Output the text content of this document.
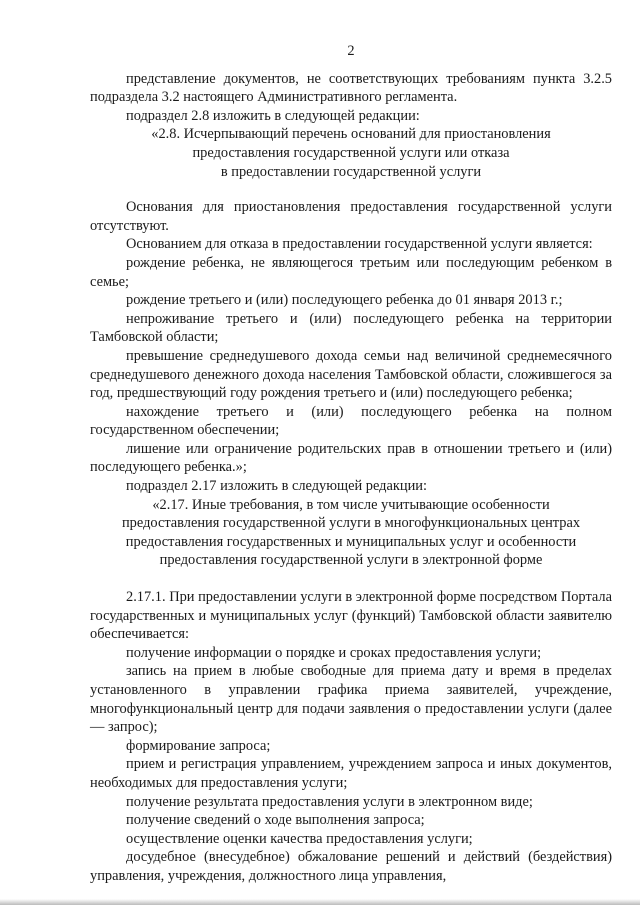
2

представление документов, не соответствующих требованиям пункта 3.2.5 подраздела 3.2 настоящего Административного регламента.

подраздел 2.8 изложить в следующей редакции:

«2.8. Исчерпывающий перечень оснований для приостановления
предоставления государственной услуги или отказа
в предоставлении государственной услуги

Основания для приостановления предоставления государственной услуги отсутствуют.

Основанием для отказа в предоставлении государственной услуги является:

рождение ребенка, не являющегося третьим или последующим ребенком в семье;

рождение третьего и (или) последующего ребенка до 01 января 2013 г.;

непроживание третьего и (или) последующего ребенка на территории Тамбовской области;

превышение среднедушевого дохода семьи над величиной среднемесячного среднедушевого денежного дохода населения Тамбовской области, сложившегося за год, предшествующий году рождения третьего и (или) последующего ребенка;

нахождение третьего и (или) последующего ребенка на полном государственном обеспечении;

лишение или ограничение родительских прав в отношении третьего и (или) последующего ребенка.»;

подраздел 2.17 изложить в следующей редакции:

«2.17. Иные требования, в том числе учитывающие особенности
предоставления государственной услуги в многофункциональных центрах
предоставления государственных и муниципальных услуг и особенности
предоставления государственной услуги в электронной форме

2.17.1. При предоставлении услуги в электронной форме посредством Портала государственных и муниципальных услуг (функций) Тамбовской области заявителю обеспечивается:

получение информации о порядке и сроках предоставления услуги;

запись на прием в любые свободные для приема дату и время в пределах установленного в управлении графика приема заявителей, учреждение, многофункциональный центр для подачи заявления о предоставлении услуги (далее — запрос);

формирование запроса;

прием и регистрация управлением, учреждением запроса и иных документов, необходимых для предоставления услуги;

получение результата предоставления услуги в электронном виде;

получение сведений о ходе выполнения запроса;

осуществление оценки качества предоставления услуги;

досудебное (внесудебное) обжалование решений и действий (бездействия) управления, учреждения, должностного лица управления,
